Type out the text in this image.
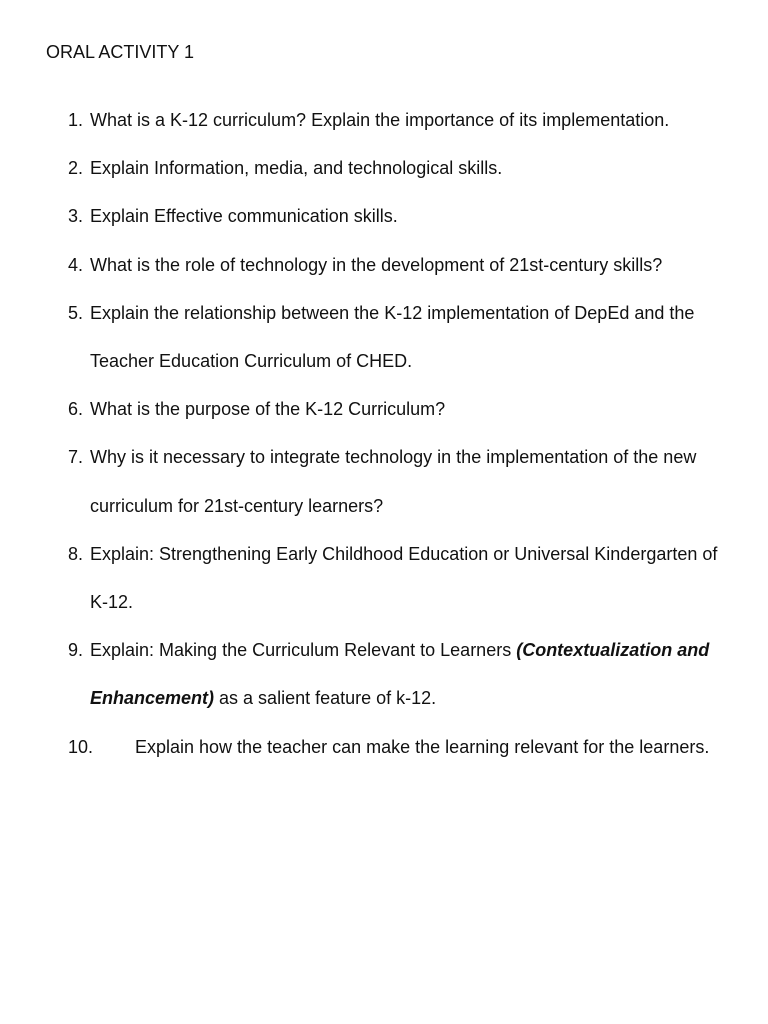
ORAL ACTIVITY 1
1. What is a K-12 curriculum? Explain the importance of its implementation.
2. Explain Information, media, and technological skills.
3. Explain Effective communication skills.
4. What is the role of technology in the development of 21st-century skills?
5. Explain the relationship between the K-12 implementation of DepEd and the Teacher Education Curriculum of CHED.
6. What is the purpose of the K-12 Curriculum?
7. Why is it necessary to integrate technology in the implementation of the new curriculum for 21st-century learners?
8. Explain: Strengthening Early Childhood Education or Universal Kindergarten of K-12.
9. Explain: Making the Curriculum Relevant to Learners (Contextualization and Enhancement) as a salient feature of k-12.
10.	Explain how the teacher can make the learning relevant for the learners.
